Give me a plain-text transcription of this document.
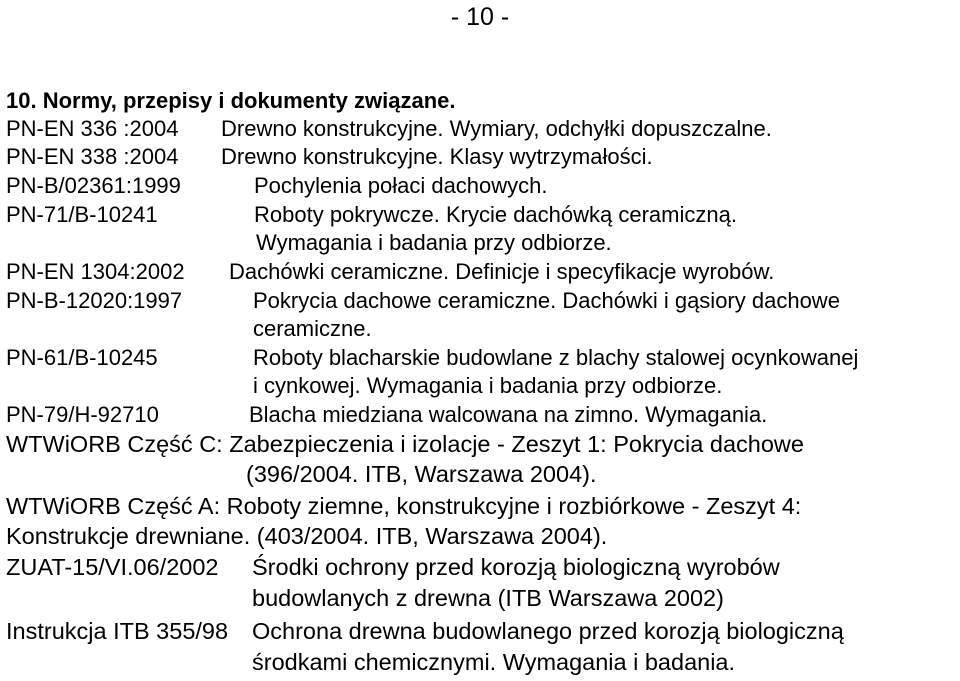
- 10 -
10. Normy, przepisy i dokumenty związane.
PN-EN 336 :2004 Drewno konstrukcyjne. Wymiary, odchyłki dopuszczalne.
PN-EN 338 :2004 Drewno konstrukcyjne. Klasy wytrzymałości.
PN-B/02361:1999	Pochylenia połaci dachowych.
PN-71/B-10241	Roboty pokrywcze. Krycie dachówką ceramiczną.
Wymagania i badania przy odbiorze.
PN-EN 1304:2002 Dachówki ceramiczne. Definicje i specyfikacje wyrobów.
PN-B-12020:1997	Pokrycia dachowe ceramiczne. Dachówki i gąsiory dachowe
ceramiczne.
PN-61/B-10245	Roboty blacharskie budowlane z blachy stalowej ocynkowanej
i cynkowej. Wymagania i badania przy odbiorze.
PN-79/H-92710	Blacha miedziana walcowana na zimno. Wymagania.
WTWiORB Część C: Zabezpieczenia i izolacje - Zeszyt 1: Pokrycia dachowe
(396/2004. ITB, Warszawa 2004).
WTWiORB Część A: Roboty ziemne, konstrukcyjne i rozbiórkowe - Zeszyt 4:
Konstrukcje drewniane. (403/2004. ITB, Warszawa 2004).
ZUAT-15/VI.06/2002 Środki ochrony przed korozją biologiczną wyrobów
budowlanych z drewna (ITB Warszawa 2002)
Instrukcja ITB 355/98 Ochrona drewna budowlanego przed korozją biologiczną
środkami chemicznymi. Wymagania i badania.
